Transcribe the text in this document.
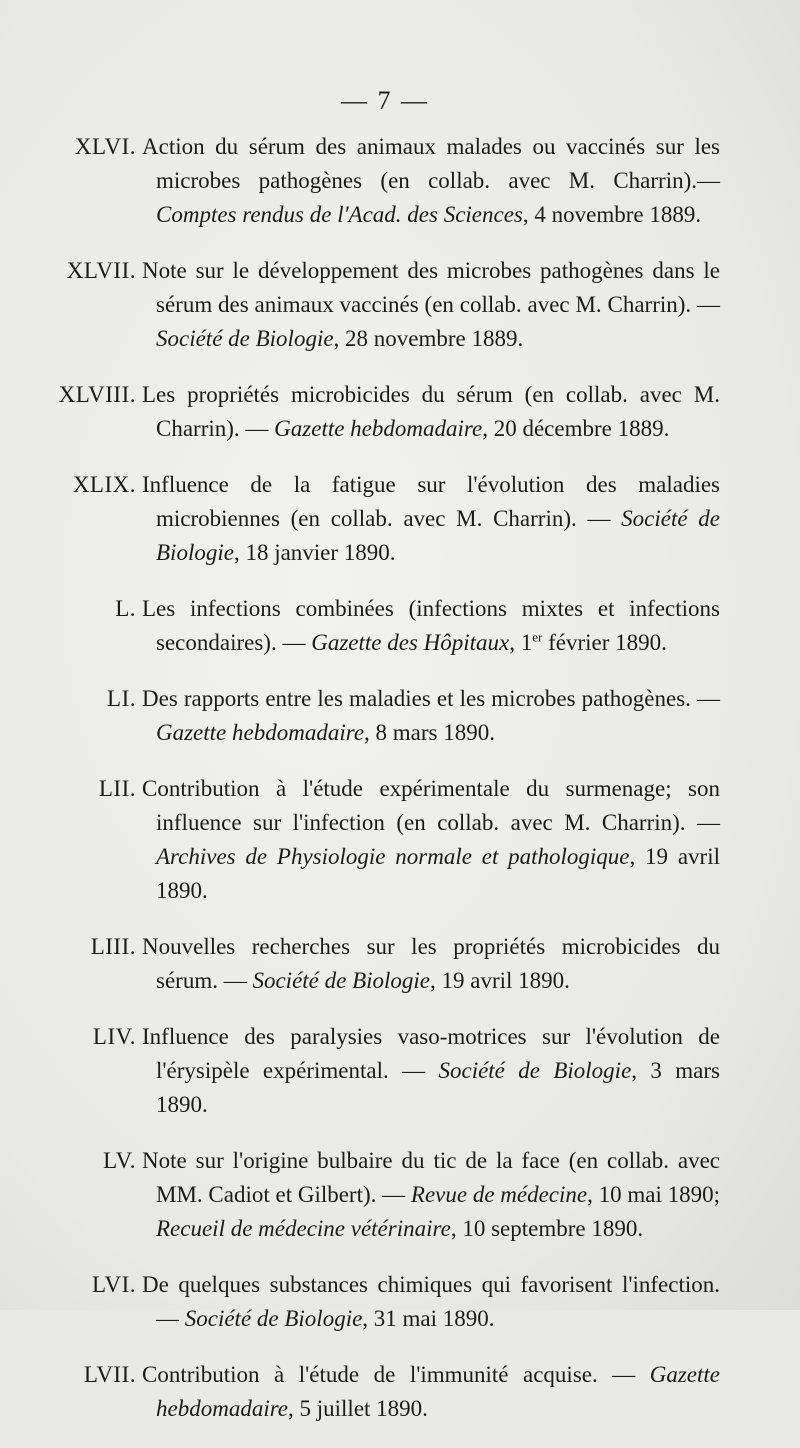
— 7 —
XLVI. Action du sérum des animaux malades ou vaccinés sur les microbes pathogènes (en collab. avec M. Charrin).—Comptes rendus de l'Acad. des Sciences, 4 novembre 1889.
XLVII. Note sur le développement des microbes pathogènes dans le sérum des animaux vaccinés (en collab. avec M. Charrin). — Société de Biologie, 28 novembre 1889.
XLVIII. Les propriétés microbicides du sérum (en collab. avec M. Charrin). — Gazette hebdomadaire, 20 décembre 1889.
XLIX. Influence de la fatigue sur l'évolution des maladies microbiennes (en collab. avec M. Charrin). — Société de Biologie, 18 janvier 1890.
L. Les infections combinées (infections mixtes et infections secondaires). — Gazette des Hôpitaux, 1er février 1890.
LI. Des rapports entre les maladies et les microbes pathogènes. — Gazette hebdomadaire, 8 mars 1890.
LII. Contribution à l'étude expérimentale du surmenage; son influence sur l'infection (en collab. avec M. Charrin). — Archives de Physiologie normale et pathologique, 19 avril 1890.
LIII. Nouvelles recherches sur les propriétés microbicides du sérum. — Société de Biologie, 19 avril 1890.
LIV. Influence des paralysies vaso-motrices sur l'évolution de l'érysipèle expérimental. — Société de Biologie, 3 mars 1890.
LV. Note sur l'origine bulbaire du tic de la face (en collab. avec MM. Cadiot et Gilbert). — Revue de médecine, 10 mai 1890; Recueil de médecine vétérinaire, 10 septembre 1890.
LVI. De quelques substances chimiques qui favorisent l'infection. — Société de Biologie, 31 mai 1890.
LVII. Contribution à l'étude de l'immunité acquise. — Gazette hebdomadaire, 5 juillet 1890.
